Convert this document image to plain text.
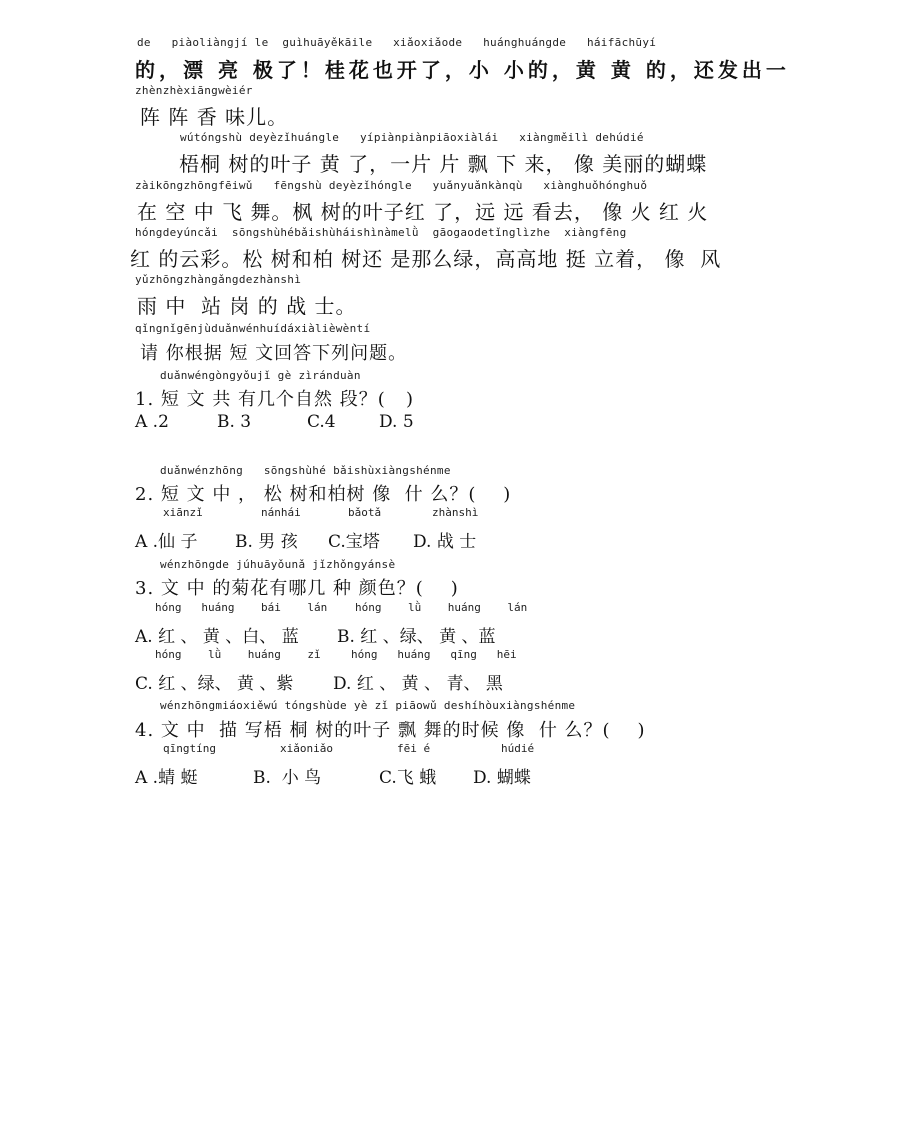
de   piàoliàngjí le  guìhuāyěkāile   xiǎoxiǎode   huánghuángde   háifāchūyí
的，漂 亮 极了！桂花也开了，小 小的，黄 黄 的，还发出一
zhènzhèxiāngwèiér
阵 阵 香 味儿。
wútóngshù deyèzǐhuángle   yípiànpiànpiāoxiàlái   xiàngměilì dehúdié
梧桐 树的叶子 黄 了，一片 片 飘 下 来， 像 美丽的蝴蝶
zàikōngzhōngfēiwǔ   fēngshù deyèzǐhóngle   yuǎnyuǎnkànqù   xiànghuǒhónghuǒ
在 空 中 飞 舞。枫 树的叶子红 了，远 远 看去， 像 火 红 火
hóngdeyúncǎi  sōngshùhébǎishùháishìnàmelǜ  gāogaodetǐnglìzhe  xiàngfēng
红 的云彩。松 树和柏 树还 是那么绿，高高地 挺 立着， 像  风
yǔzhōngzhàngǎngdezhànshì
雨 中  站 岗 的 战 士。
qǐngnǐgēnjùduǎnwénhuídáxiàlièwèntí
请 你根据 短 文回答下列问题。
duǎnwéngòngyǒujǐ gè zìránduàn
1. 短 文 共 有几个自然 段？(   )
A .2	B. 3	C.4	D. 5
duǎnwénzhōng   sōngshùhé bǎishùxiàngshénme
2. 短 文 中 ， 松 树和柏树 像  什 么？(    )
xiānzǐ
A .仙 子
nánhái
B. 男 孩
bǎotǎ
C.宝塔
zhànshì
D. 战 士
wénzhōngde júhuāyǒunǎ jǐzhǒngyánsè
3. 文 中 的菊花有哪几 种 颜色？(    )
hóng   huáng    bái    lán
A. 红 、 黄 、白、 蓝
hóng    lǜ    huáng    lán
B. 红 、绿、 黄 、蓝
hóng    lǜ    huáng    zǐ
C. 红 、绿、 黄 、紫
hóng   huáng   qīng   hēi
D. 红 、 黄 、 青、 黑
wénzhōngmiáoxiěwú tóngshùde yè zǐ piāowǔ deshíhòuxiàngshénme
4. 文 中  描 写梧 桐 树的叶子 飘 舞的时候 像  什 么？(    )
qīngtíng
A .蜻 蜓
xiǎoniǎo
B.  小 鸟
fēi é
C.飞 蛾
húdié
D. 蝴蝶
